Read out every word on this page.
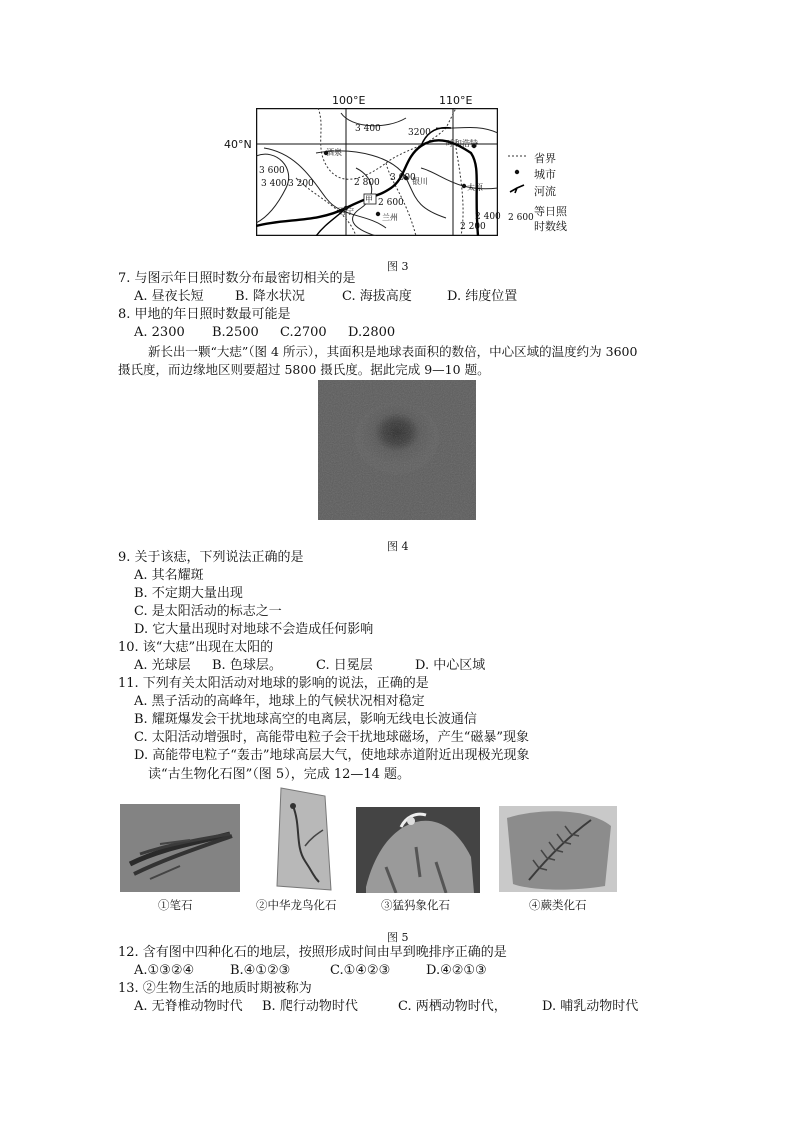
100°E	110°E
40°N
3 400	3200
3 600
3 400 3 200	2 800 3 000
2 600
2 400
2 200
呼和浩特
酒泉
银川
太原
西宁
兰州
甲
省界
城市
河流
2 600 等日照
时数线
图 3
7. 与图示年日照时数分布最密切相关的是
A. 昼夜长短 B. 降水状况	C. 海拔高度	D. 纬度位置
8. 甲地的年日照时数最可能是
A. 2300 B.2500 C.2700 D.2800
新长出一颗“大痣”（图 4 所示），其面积是地球表面积的数倍，中心区域的温度约为 3600
摄氏度，而边缘地区则要超过 5800 摄氏度。据此完成 9—10 题。
图 4
9. 关于该痣，下列说法正确的是
A. 其名耀斑
B. 不定期大量出现
C. 是太阳活动的标志之一
D. 它大量出现时对地球不会造成任何影响
10. 该“大痣”出现在太阳的
A. 光球层 B. 色球层。	C. 日冕层	D. 中心区域
11. 下列有关太阳活动对地球的影响的说法，正确的是
A. 黑子活动的高峰年，地球上的气候状况相对稳定
B. 耀斑爆发会干扰地球高空的电离层，影响无线电长波通信
C. 太阳活动增强时，高能带电粒子会干扰地球磁场，产生“磁暴”现象
D. 高能带电粒子“轰击”地球高层大气，使地球赤道附近出现极光现象
读“古生物化石图”（图 5），完成 12—14 题。
①笔石	②中华龙鸟化石	③猛犸象化石	④蕨类化石
图 5
12. 含有图中四种化石的地层，按照形成时间由早到晚排序正确的是
A.①③②④	B.④①②③	C.①④②③	D.④②①③
13. ②生物生活的地质时期被称为
A. 无脊椎动物时代 B. 爬行动物时代	C. 两栖动物时代，	D. 哺乳动物时代
